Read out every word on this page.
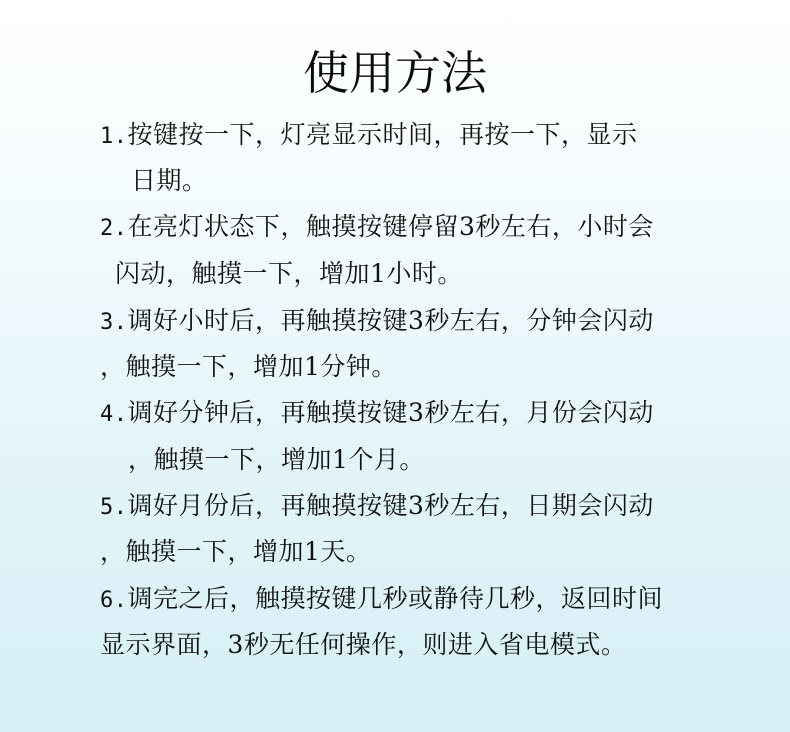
使用方法
1.按键按一下，灯亮显示时间，再按一下，显示
日期。
2.在亮灯状态下，触摸按键停留3秒左右，小时会
闪动，触摸一下，增加1小时。
3.调好小时后，再触摸按键3秒左右，分钟会闪动
，触摸一下，增加1分钟。
4.调好分钟后，再触摸按键3秒左右，月份会闪动
，触摸一下，增加1个月。
5.调好月份后，再触摸按键3秒左右，日期会闪动
，触摸一下，增加1天。
6.调完之后，触摸按键几秒或静待几秒，返回时间
显示界面，3秒无任何操作，则进入省电模式。
